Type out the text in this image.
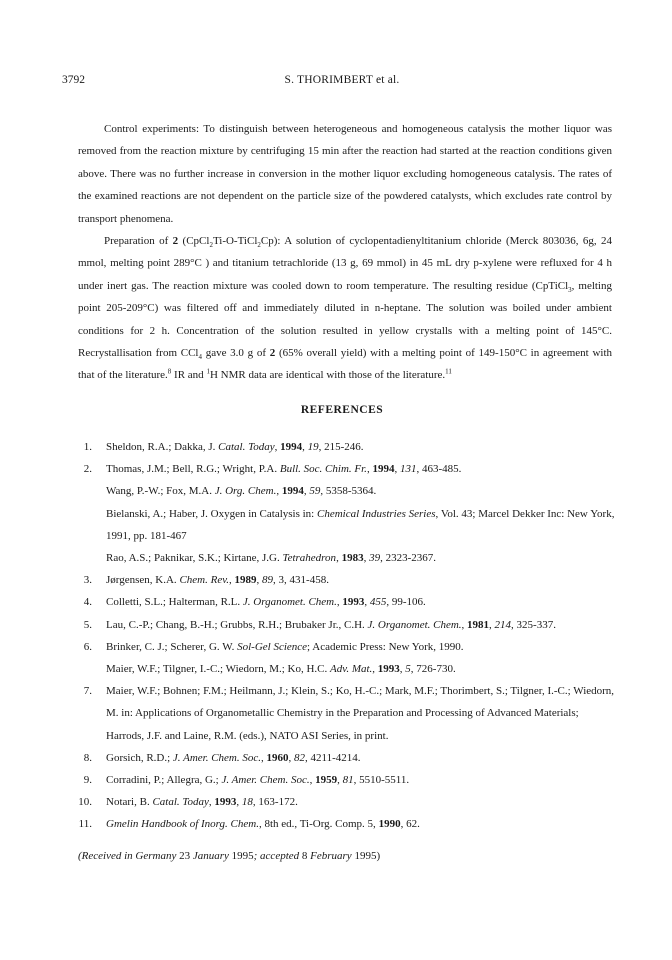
3792	S. THORIMBERT et al.

Control experiments: To distinguish between heterogeneous and homogeneous catalysis the mother liquor was removed from the reaction mixture by centrifuging 15 min after the reaction had started at the reaction conditions given above. There was no further increase in conversion in the mother liquor excluding homogeneous catalysis. The rates of the examined reactions are not dependent on the particle size of the powdered catalysts, which excludes rate control by transport phenomena.

Preparation of 2 (CpCl$_2$Ti-O-TiCl$_2$Cp): A solution of cyclopentadienyltitanium chloride (Merck 803036, 6g, 24 mmol, melting point 289°C ) and titanium tetrachloride (13 g, 69 mmol) in 45 mL dry p-xylene were refluxed for 4 h under inert gas. The reaction mixture was cooled down to room temperature. The resulting residue (CpTiCl$_3$, melting point 205-209°C) was filtered off and immediately diluted in n-heptane. The solution was boiled under ambient conditions for 2 h. Concentration of the solution resulted in yellow crystalls with a melting point of 145°C. Recrystallisation from CCl$_4$ gave 3.0 g of 2 (65% overall yield) with a melting point of 149-150°C in agreement with that of the literature.$^8$ IR and $^1$H NMR data are identical with those of the literature.$^{11}$

REFERENCES
1. Sheldon, R.A.; Dakka, J. Catal. Today, 1994, 19, 215-246.
2. Thomas, J.M.; Bell, R.G.; Wright, P.A. Bull. Soc. Chim. Fr., 1994, 131, 463-485.
Wang, P.-W.; Fox, M.A. J. Org. Chem., 1994, 59, 5358-5364.
Bielanski, A.; Haber, J. Oxygen in Catalysis in: Chemical Industries Series, Vol. 43; Marcel Dekker Inc: New York, 1991, pp. 181-467
Rao, A.S.; Paknikar, S.K.; Kirtane, J.G. Tetrahedron, 1983, 39, 2323-2367.
3. Jørgensen, K.A. Chem. Rev., 1989, 89, 3, 431-458.
4. Colletti, S.L.; Halterman, R.L. J. Organomet. Chem., 1993, 455, 99-106.
5. Lau, C.-P.; Chang, B.-H.; Grubbs, R.H.; Brubaker Jr., C.H. J. Organomet. Chem., 1981, 214, 325-337.
6. Brinker, C. J.; Scherer, G. W. Sol-Gel Science; Academic Press: New York, 1990.
Maier, W.F.; Tilgner, I.-C.; Wiedorn, M.; Ko, H.C. Adv. Mat., 1993, 5, 726-730.
7. Maier, W.F.; Bohnen; F.M.; Heilmann, J.; Klein, S.; Ko, H.-C.; Mark, M.F.; Thorimbert, S.; Tilgner, I.-C.; Wiedorn, M. in: Applications of Organometallic Chemistry in the Preparation and Processing of Advanced Materials; Harrods, J.F. and Laine, R.M. (eds.), NATO ASI Series, in print.
8. Gorsich, R.D.; J. Amer. Chem. Soc., 1960, 82, 4211-4214.
9. Corradini, P.; Allegra, G.; J. Amer. Chem. Soc., 1959, 81, 5510-5511.
10. Notari, B. Catal. Today, 1993, 18, 163-172.
11. Gmelin Handbook of Inorg. Chem., 8th ed., Ti-Org. Comp. 5, 1990, 62.
(Received in Germany 23 January 1995; accepted 8 February 1995)
